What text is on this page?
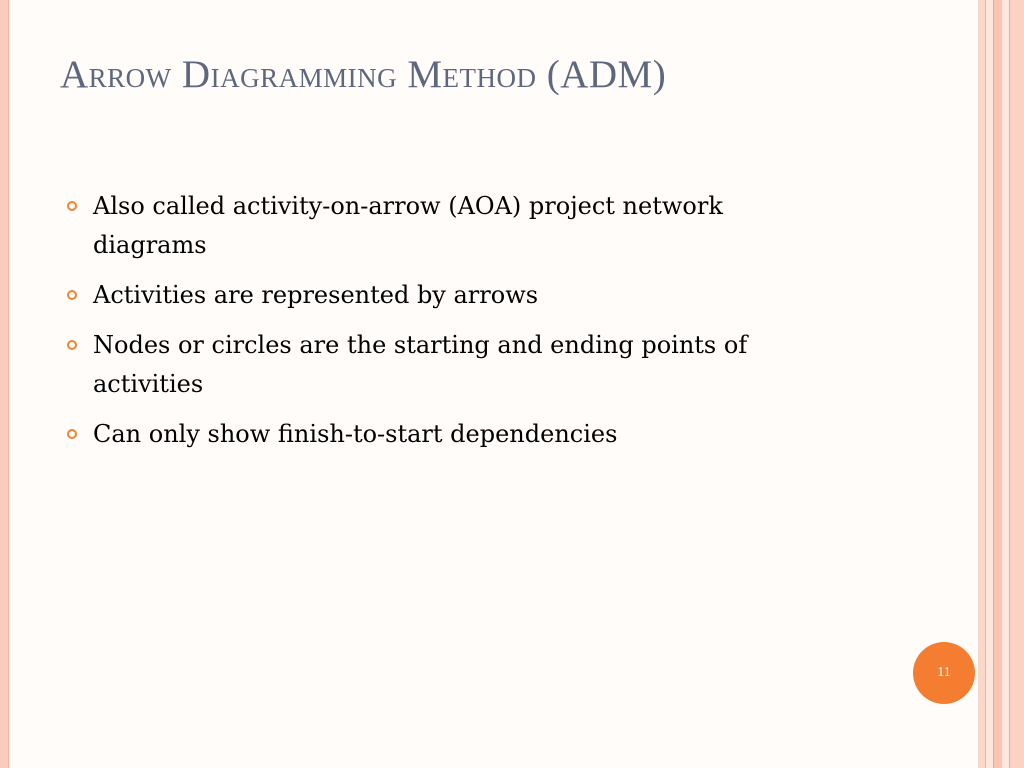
Arrow Diagramming Method (ADM)
Also called activity-on-arrow (AOA) project network diagrams
Activities are represented by arrows
Nodes or circles are the starting and ending points of activities
Can only show finish-to-start dependencies
11
